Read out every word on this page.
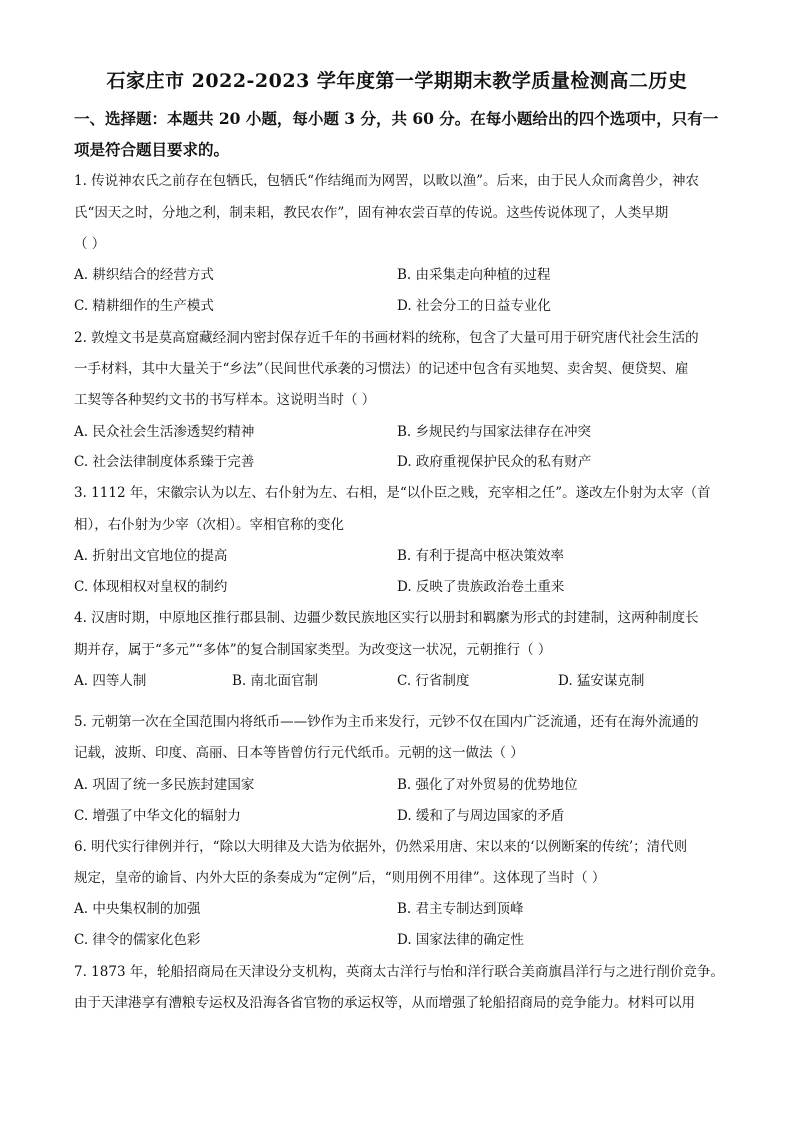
石家庄市 2022-2023 学年度第一学期期末教学质量检测高二历史
一、选择题：本题共 20 小题，每小题 3 分，共 60 分。在每小题给出的四个选项中，只有一
项是符合题目要求的。
1. 传说神农氏之前存在包牺氏，包牺氏“作结绳而为网罟，以畋以渔”。后来，由于民人众而禽兽少，神农
氏“因天之时，分地之利，制耒耜，教民农作”，固有神农尝百草的传说。这些传说体现了，人类早期
（ ）
A. 耕织结合的经营方式	B. 由采集走向种植的过程
C. 精耕细作的生产模式	D. 社会分工的日益专业化
2. 敦煌文书是莫高窟藏经洞内密封保存近千年的书画材料的统称，包含了大量可用于研究唐代社会生活的
一手材料，其中大量关于“乡法”（民间世代承袭的习惯法）的记述中包含有买地契、卖舍契、便贷契、雇
工契等各种契约文书的书写样本。这说明当时（ ）
A. 民众社会生活渗透契约精神	B. 乡规民约与国家法律存在冲突
C. 社会法律制度体系臻于完善	D. 政府重视保护民众的私有财产
3. 1112 年，宋徽宗认为以左、右仆射为左、右相，是“以仆臣之贱，充宰相之任”。遂改左仆射为太宰（首
相），右仆射为少宰（次相）。宰相官称的变化
A. 折射出文官地位的提高	B. 有利于提高中枢决策效率
C. 体现相权对皇权的制约	D. 反映了贵族政治卷土重来
4. 汉唐时期，中原地区推行郡县制、边疆少数民族地区实行以册封和羁縻为形式的封建制，这两种制度长
期并存，属于“多元”“多体”的复合制国家类型。为改变这一状况，元朝推行（ ）
A. 四等人制	B. 南北面官制	C. 行省制度	D. 猛安谋克制
5. 元朝第一次在全国范围内将纸币——钞作为主币来发行，元钞不仅在国内广泛流通，还有在海外流通的
记载，波斯、印度、高丽、日本等皆曾仿行元代纸币。元朝的这一做法（ ）
A. 巩固了统一多民族封建国家	B. 强化了对外贸易的优势地位
C. 增强了中华文化的辐射力	D. 缓和了与周边国家的矛盾
6. 明代实行律例并行，“除以大明律及大诰为依据外，仍然采用唐、宋以来的‘以例断案的传统’；清代则
规定，皇帝的谕旨、内外大臣的条奏成为“定例”后，“则用例不用律”。这体现了当时（ ）
A. 中央集权制的加强	B. 君主专制达到顶峰
C. 律令的儒家化色彩	D. 国家法律的确定性
7. 1873 年，轮船招商局在天津设分支机构，英商太古洋行与怡和洋行联合美商旗昌洋行与之进行削价竞争。
由于天津港享有漕粮专运权及沿海各省官物的承运权等，从而增强了轮船招商局的竞争能力。材料可以用
